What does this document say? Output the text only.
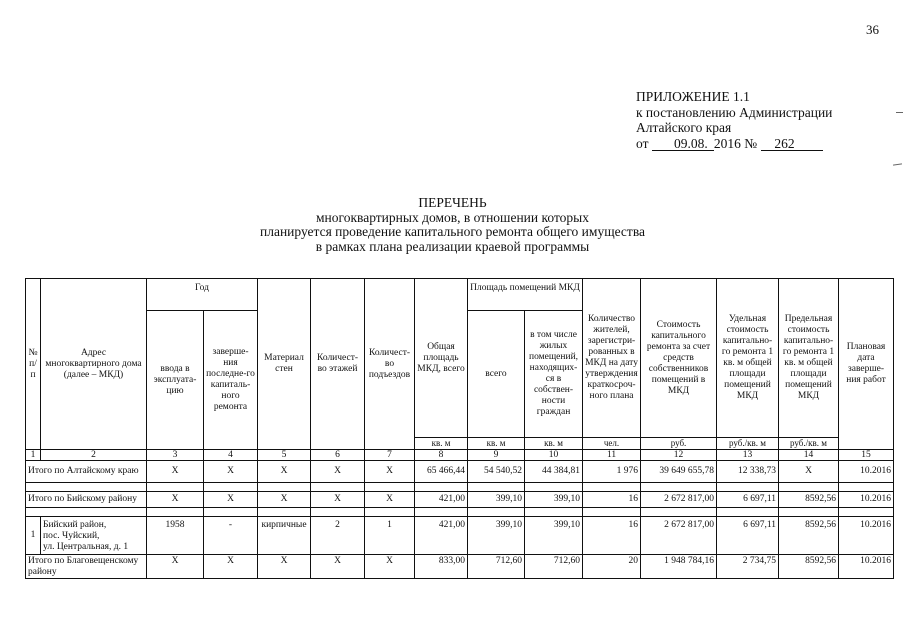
36
ПРИЛОЖЕНИЕ 1.1
к постановлению Администрации
Алтайского края
от 09.08. 2016 № 262
ПЕРЕЧЕНЬ
многоквартирных домов, в отношении которых
планируется проведение капитального ремонта общего имущества
в рамках плана реализации краевой программы
№ п/п	Адрес многоквартирного дома (далее – МКД)	Год		Материал стен	Количест-во этажей	Количест-во подъездов	Общая площадь МКД, всего	Площадь помещений МКД		Количество жителей, зарегистри-рованных в МКД на дату утверждения краткосроч-ного плана	Стоимость капитального ремонта за счет средств собственников помещений в МКД	Удельная стоимость капитально-го ремонта 1 кв. м общей площади помещений МКД	Предельная стоимость капитально-го ремонта 1 кв. м общей площади помещений МКД	Плановая дата заверше-ния работ
		ввода в эксплуата-цию	заверше-ния последне-го капиталь-ного ремонта					всего	в том числе жилых помещений, находящих-ся в собствен-ности граждан					
							кв. м	кв. м	кв. м	чел.	руб.	руб./кв. м	руб./кв. м	
1	2	3	4	5	6	7	8	9	10	11	12	13	14	15
Итого по Алтайскому краю		X	X	X	X	X	65 466,44	54 540,52	44 384,81	1 976	39 649 655,78	12 338,73	X	10.2016

Итого по Бийскому району		X	X	X	X	X	421,00	399,10	399,10	16	2 672 817,00	6 697,11	8592,56	10.2016

1	Бийский район,
пос. Чуйский,
ул. Центральная, д. 1	1958	-	кирпичные	2	1	421,00	399,10	399,10	16	2 672 817,00	6 697,11	8592,56	10.2016
Итого по Благовещенскому району		X	X	X	X	X	833,00	712,60	712,60	20	1 948 784,16	2 734,75	8592,56	10.2016
